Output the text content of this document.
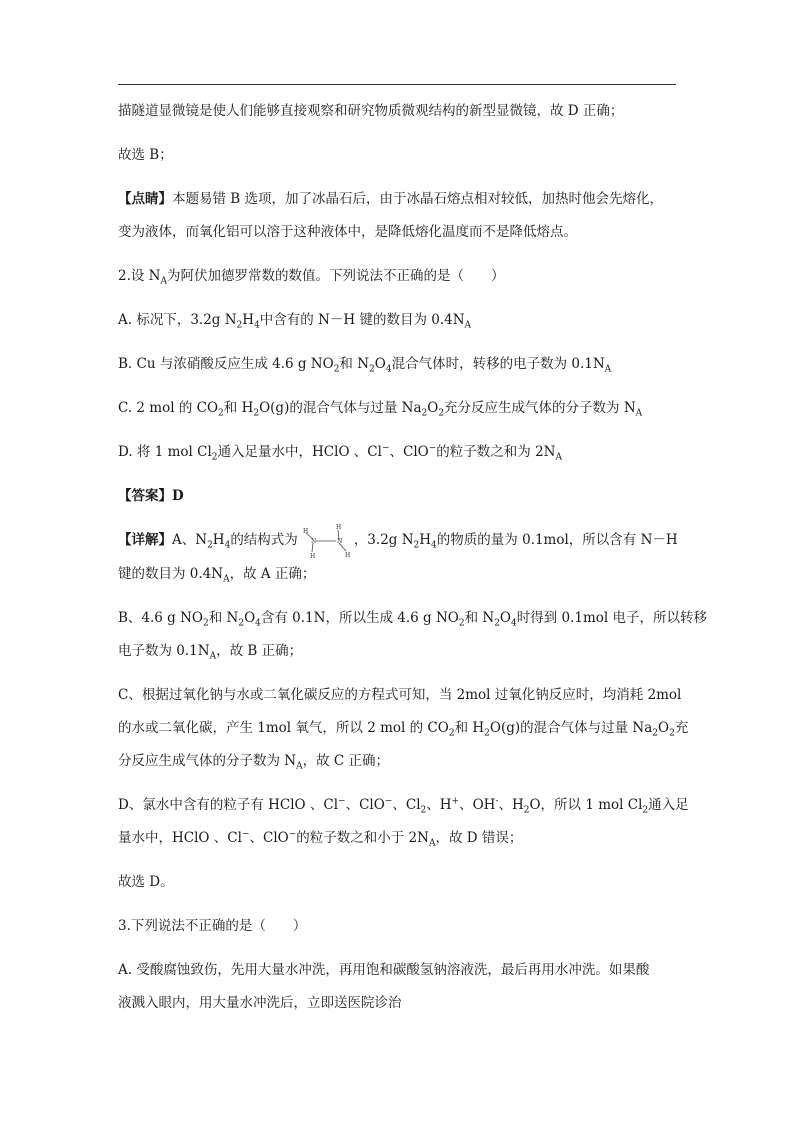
描隧道显微镜是使人们能够直接观察和研究物质微观结构的新型显微镜，故 D 正确；

故选 B；

【点睛】本题易错 B 选项，加了冰晶石后，由于冰晶石熔点相对较低，加热时他会先熔化，

变为液体，而氧化铝可以溶于这种液体中，是降低熔化温度而不是降低熔点。

2.设 $N_A$为阿伏加德罗常数的数值。下列说法不正确的是（　　）

A. 标况下，3.2g $N_2H_4$中含有的 N－H 键的数目为 $0.4N_A$

B. Cu 与浓硝酸反应生成 4.6 g $NO_2$和 $N_2O_4$混合气体时，转移的电子数为 $0.1N_A$

C. 2 mol 的 $CO_2$和 $H_2O(g)$的混合气体与过量 $Na_2O_2$充分反应生成气体的分子数为 $N_A$

D. 将 1 mol $Cl_2$通入足量水中，HClO 、Cl−、ClO−的粒子数之和为 $2N_A$

【答案】D

【详解】A、$N_2H_4$的结构式为
H
N	N
H
H	H
，3.2g $N_2H_4$的物质的量为 0.1mol，所以含有 N－H

键的数目为 $0.4N_A$，故 A 正确；

B、4.6 g $NO_2$和 $N_2O_4$含有 0.1N，所以生成 4.6 g $NO_2$和 $N_2O_4$时得到 0.1mol 电子，所以转移

电子数为 $0.1N_A$，故 B 正确；

C、根据过氧化钠与水或二氧化碳反应的方程式可知，当 2mol 过氧化钠反应时，均消耗 2mol

的水或二氧化碳，产生 1mol 氧气，所以 2 mol 的 $CO_2$和 $H_2O(g)$的混合气体与过量 $Na_2O_2$充

分反应生成气体的分子数为 $N_A$，故 C 正确；

D、氯水中含有的粒子有 HClO 、Cl−、ClO−、$Cl_2$、H+、OH-、$H_2O$，所以 1 mol $Cl_2$通入足

量水中，HClO 、Cl−、ClO−的粒子数之和小于 $2N_A$，故 D 错误；

故选 D。

3.下列说法不正确的是（　　）

A. 受酸腐蚀致伤，先用大量水冲洗，再用饱和碳酸氢钠溶液洗，最后再用水冲洗。如果酸

液溅入眼内，用大量水冲洗后，立即送医院诊治
